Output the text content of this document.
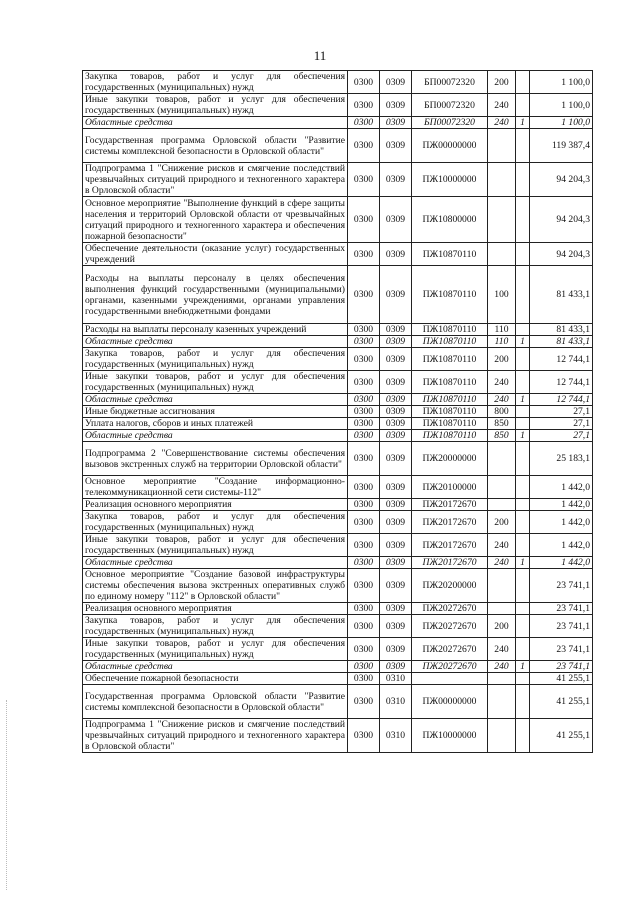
11
Закупка товаров, работ и услуг для обеспечения государственных (муниципальных) нужд	0300	0309	БП00072320	200		1 100,0
Иные закупки товаров, работ и услуг для обеспечения государственных (муниципальных) нужд	0300	0309	БП00072320	240		1 100,0
Областные средства	0300	0309	БП00072320	240	1	1 100,0
Государственная программа Орловской области "Развитие системы комплексной безопасности в Орловской области"	0300	0309	ПЖ00000000			119 387,4
Подпрограмма 1 "Снижение рисков и смягчение последствий чрезвычайных ситуаций природного и техногенного характера в Орловской области"	0300	0309	ПЖ10000000			94 204,3
Основное мероприятие "Выполнение функций в сфере защиты населения и территорий Орловской области от чрезвычайных ситуаций природного и техногенного характера и обеспечения пожарной безопасности"	0300	0309	ПЖ10800000			94 204,3
Обеспечение деятельности (оказание услуг) государственных учреждений	0300	0309	ПЖ10870110			94 204,3
Расходы на выплаты персоналу в целях обеспечения выполнения функций государственными (муниципальными) органами, казенными учреждениями, органами управления государственными внебюджетными фондами	0300	0309	ПЖ10870110	100		81 433,1
Расходы на выплаты персоналу казенных учреждений	0300	0309	ПЖ10870110	110		81 433,1
Областные средства	0300	0309	ПЖ10870110	110	1	81 433,1
Закупка товаров, работ и услуг для обеспечения государственных (муниципальных) нужд	0300	0309	ПЖ10870110	200		12 744,1
Иные закупки товаров, работ и услуг для обеспечения государственных (муниципальных) нужд	0300	0309	ПЖ10870110	240		12 744,1
Областные средства	0300	0309	ПЖ10870110	240	1	12 744,1
Иные бюджетные ассигнования	0300	0309	ПЖ10870110	800		27,1
Уплата налогов, сборов и иных платежей	0300	0309	ПЖ10870110	850		27,1
Областные средства	0300	0309	ПЖ10870110	850	1	27,1
Подпрограмма 2 "Совершенствование системы обеспечения вызовов экстренных служб на территории Орловской области"	0300	0309	ПЖ20000000			25 183,1
Основное мероприятие "Создание информационно-телекоммуникационной сети системы-112"	0300	0309	ПЖ20100000			1 442,0
Реализация основного мероприятия	0300	0309	ПЖ20172670			1 442,0
Закупка товаров, работ и услуг для обеспечения государственных (муниципальных) нужд	0300	0309	ПЖ20172670	200		1 442,0
Иные закупки товаров, работ и услуг для обеспечения государственных (муниципальных) нужд	0300	0309	ПЖ20172670	240		1 442,0
Областные средства	0300	0309	ПЖ20172670	240	1	1 442,0
Основное мероприятие "Создание базовой инфраструктуры системы обеспечения вызова экстренных оперативных служб по единому номеру "112" в Орловской области"	0300	0309	ПЖ20200000			23 741,1
Реализация основного мероприятия	0300	0309	ПЖ20272670			23 741,1
Закупка товаров, работ и услуг для обеспечения государственных (муниципальных) нужд	0300	0309	ПЖ20272670	200		23 741,1
Иные закупки товаров, работ и услуг для обеспечения государственных (муниципальных) нужд	0300	0309	ПЖ20272670	240		23 741,1
Областные средства	0300	0309	ПЖ20272670	240	1	23 741,1
Обеспечение пожарной безопасности	0300	0310				41 255,1
Государственная программа Орловской области "Развитие системы комплексной безопасности в Орловской области"	0300	0310	ПЖ00000000			41 255,1
Подпрограмма 1 "Снижение рисков и смягчение последствий чрезвычайных ситуаций природного и техногенного характера в Орловской области"	0300	0310	ПЖ10000000			41 255,1
